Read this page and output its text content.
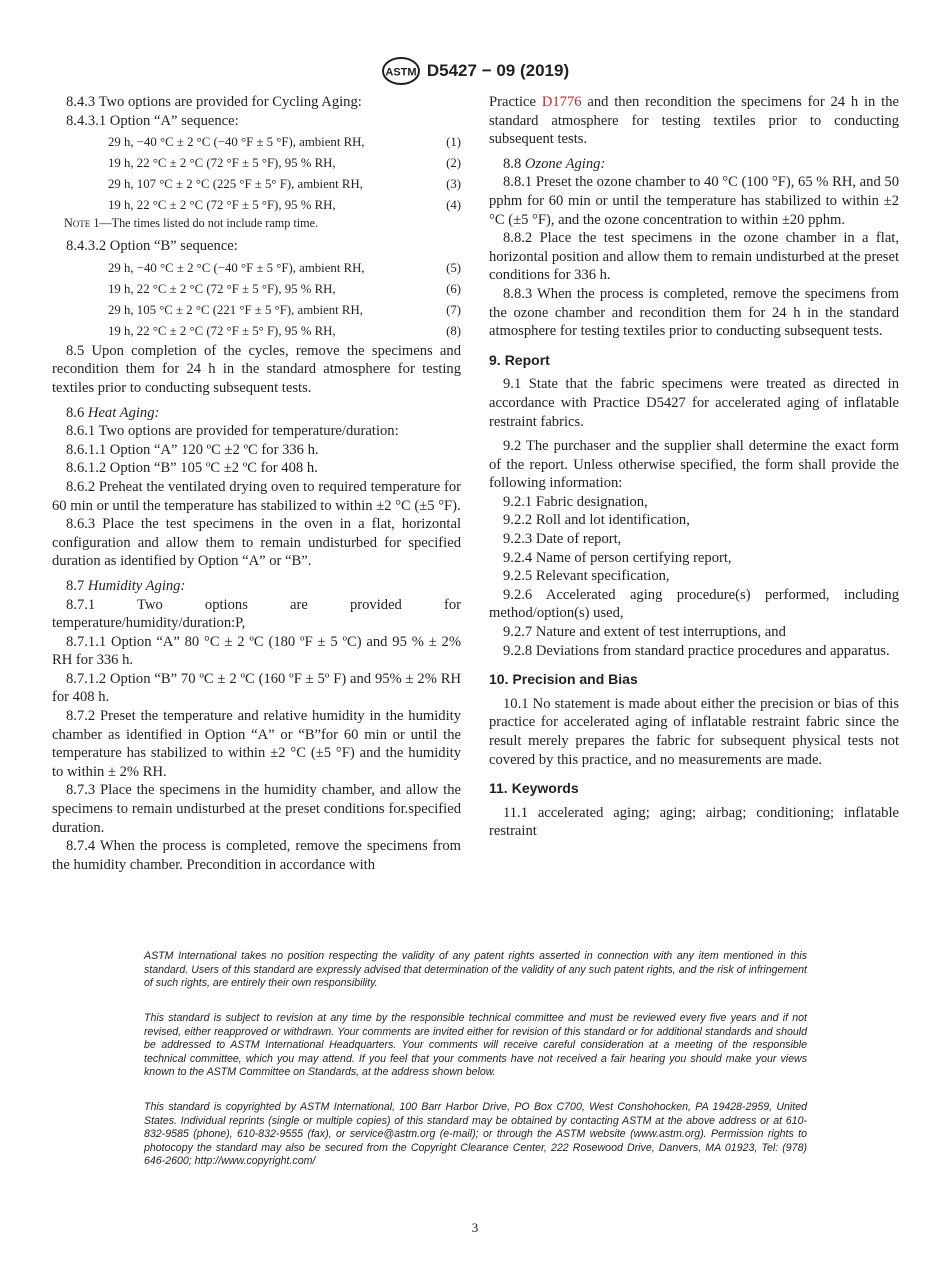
ASTM D5427 − 09 (2019)

8.4.3 Two options are provided for Cycling Aging:

8.4.3.1 Option “A” sequence:

29 h, −40 °C ± 2 °C (−40 °F ± 5 °F), ambient RH,	(1)
19 h, 22 °C ± 2 °C (72 °F ± 5 °F), 95 % RH,	(2)
29 h, 107 °C ± 2 °C (225 °F ± 5° F), ambient RH,	(3)
19 h, 22 °C ± 2 °C (72 °F ± 5 °F), 95 % RH,	(4)

Note 1—The times listed do not include ramp time.

8.4.3.2 Option “B” sequence:

29 h, −40 °C ± 2 °C (−40 °F ± 5 °F), ambient RH,	(5)
19 h, 22 °C ± 2 °C (72 °F ± 5 °F), 95 % RH,	(6)
29 h, 105 °C ± 2 °C (221 °F ± 5 °F), ambient RH,	(7)
19 h, 22 °C ± 2 °C (72 °F ± 5° F), 95 % RH,	(8)

8.5 Upon completion of the cycles, remove the specimens and recondition them for 24 h in the standard atmosphere for testing textiles prior to conducting subsequent tests.

8.6 Heat Aging:

8.6.1 Two options are provided for temperature/duration:

8.6.1.1 Option “A” 120 ºC ±2 ºC for 336 h.

8.6.1.2 Option “B” 105 ºC ±2 ºC for 408 h.

8.6.2 Preheat the ventilated drying oven to required temperature for 60 min or until the temperature has stabilized to within ±2 °C (±5 °F).

8.6.3 Place the test specimens in the oven in a flat, horizontal configuration and allow them to remain undisturbed for specified duration as identified by Option “A” or “B”.

8.7 Humidity Aging:

8.7.1 Two options are provided for temperature/humidity/duration:P,

8.7.1.1 Option “A” 80 °C ± 2 ºC (180 ºF ± 5 ºC) and 95 % ± 2% RH for 336 h.

8.7.1.2 Option “B” 70 ºC ± 2 ºC (160 ºF ± 5º F) and 95% ± 2% RH for 408 h.

8.7.2 Preset the temperature and relative humidity in the humidity chamber as identified in Option “A” or “B”for 60 min or until the temperature has stabilized to within ±2 °C (±5 °F) and the humidity to within ± 2% RH.

8.7.3 Place the specimens in the humidity chamber, and allow the specimens to remain undisturbed at the preset conditions for.specified duration.

8.7.4 When the process is completed, remove the specimens from the humidity chamber. Precondition in accordance with

Practice D1776 and then recondition the specimens for 24 h in the standard atmosphere for testing textiles prior to conducting subsequent tests.

8.8 Ozone Aging:

8.8.1 Preset the ozone chamber to 40 °C (100 °F), 65 % RH, and 50 pphm for 60 min or until the temperature has stabilized to within ±2 °C (±5 °F), and the ozone concentration to within ±20 pphm.

8.8.2 Place the test specimens in the ozone chamber in a flat, horizontal position and allow them to remain undisturbed at the preset conditions for 336 h.

8.8.3 When the process is completed, remove the specimens from the ozone chamber and recondition them for 24 h in the standard atmosphere for testing textiles prior to conducting subsequent tests.

9. Report

9.1 State that the fabric specimens were treated as directed in accordance with Practice D5427 for accelerated aging of inflatable restraint fabrics.

9.2 The purchaser and the supplier shall determine the exact form of the report. Unless otherwise specified, the form shall provide the following information:

9.2.1 Fabric designation,

9.2.2 Roll and lot identification,

9.2.3 Date of report,

9.2.4 Name of person certifying report,

9.2.5 Relevant specification,

9.2.6 Accelerated aging procedure(s) performed, including method/option(s) used,

9.2.7 Nature and extent of test interruptions, and

9.2.8 Deviations from standard practice procedures and apparatus.

10. Precision and Bias

10.1 No statement is made about either the precision or bias of this practice for accelerated aging of inflatable restraint fabric since the result merely prepares the fabric for subsequent physical tests not covered by this practice, and no measurements are made.

11. Keywords

11.1 accelerated aging; aging; airbag; conditioning; inflatable restraint

ASTM International takes no position respecting the validity of any patent rights asserted in connection with any item mentioned in this standard. Users of this standard are expressly advised that determination of the validity of any such patent rights, and the risk of infringement of such rights, are entirely their own responsibility.

This standard is subject to revision at any time by the responsible technical committee and must be reviewed every five years and if not revised, either reapproved or withdrawn. Your comments are invited either for revision of this standard or for additional standards and should be addressed to ASTM International Headquarters. Your comments will receive careful consideration at a meeting of the responsible technical committee, which you may attend. If you feel that your comments have not received a fair hearing you should make your views known to the ASTM Committee on Standards, at the address shown below.

This standard is copyrighted by ASTM International, 100 Barr Harbor Drive, PO Box C700, West Conshohocken, PA 19428-2959, United States. Individual reprints (single or multiple copies) of this standard may be obtained by contacting ASTM at the above address or at 610-832-9585 (phone), 610-832-9555 (fax), or service@astm.org (e-mail); or through the ASTM website (www.astm.org). Permission rights to photocopy the standard may also be secured from the Copyright Clearance Center, 222 Rosewood Drive, Danvers, MA 01923, Tel: (978) 646-2600; http://www.copyright.com/

3
